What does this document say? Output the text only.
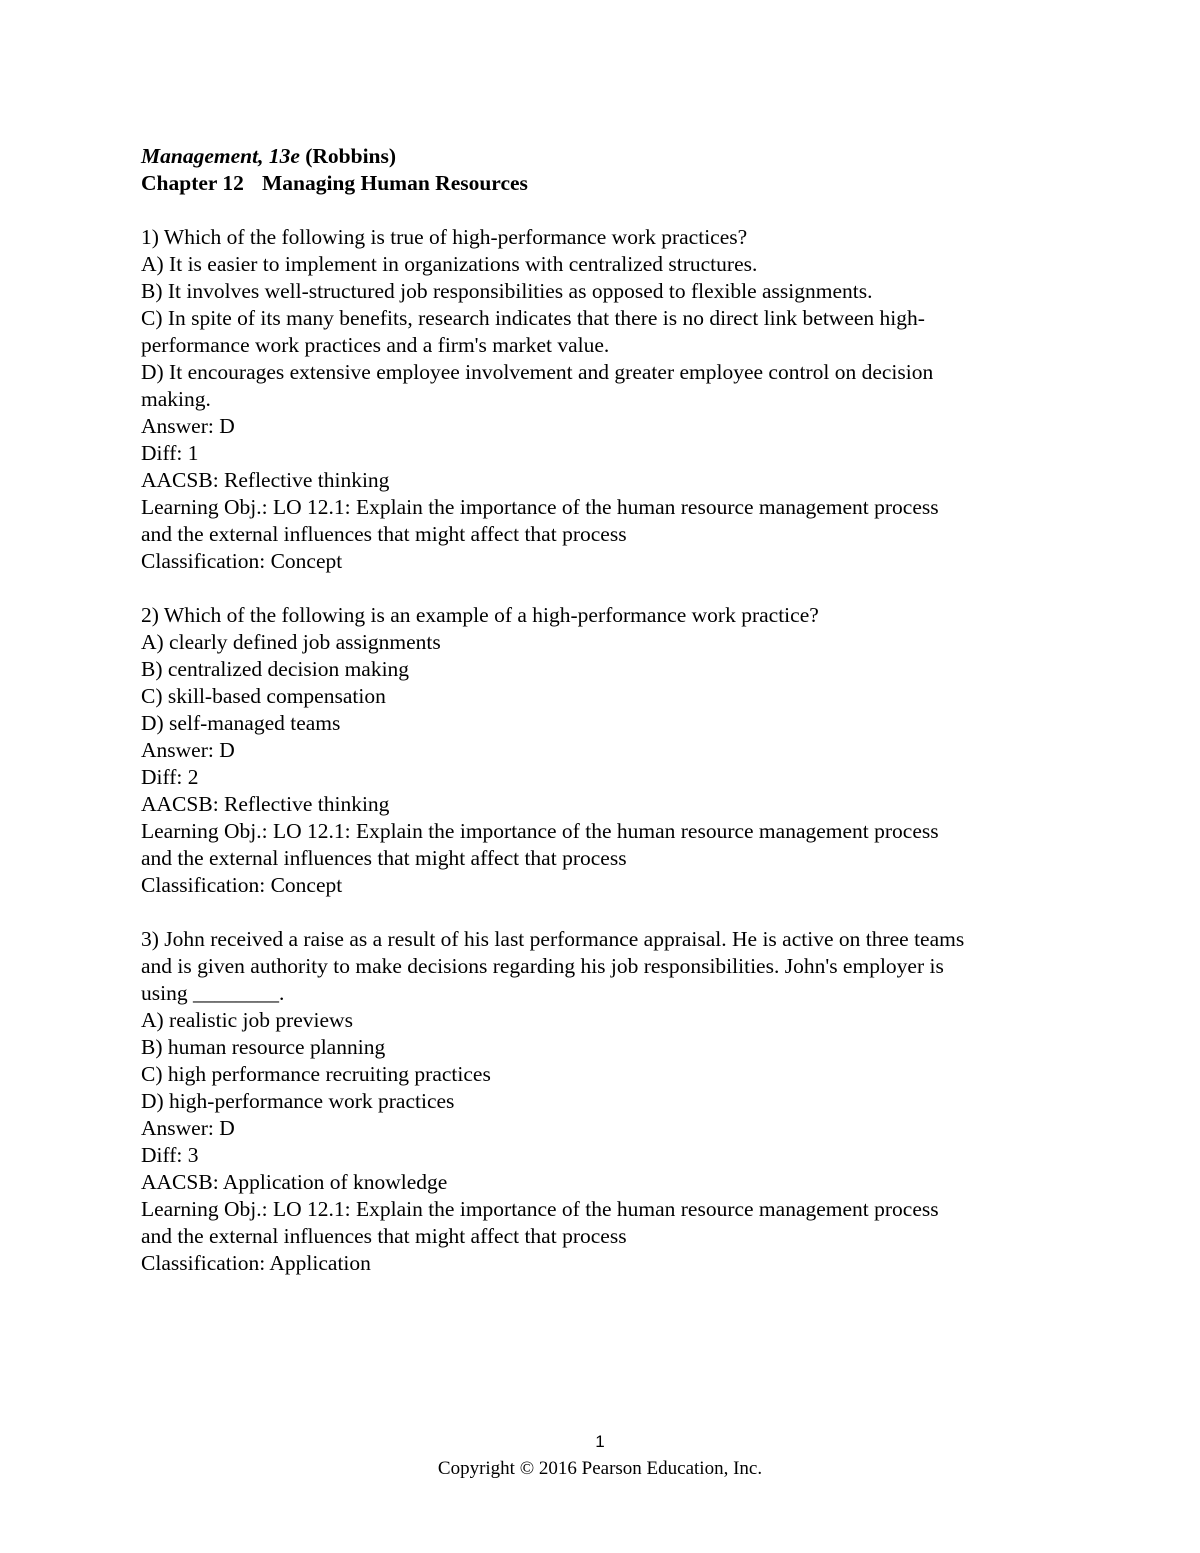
Management, 13e (Robbins)
Chapter 12 Managing Human Resources
1) Which of the following is true of high-performance work practices?
A) It is easier to implement in organizations with centralized structures.
B) It involves well-structured job responsibilities as opposed to flexible assignments.
C) In spite of its many benefits, research indicates that there is no direct link between high-
performance work practices and a firm's market value.
D) It encourages extensive employee involvement and greater employee control on decision
making.
Answer: D
Diff: 1
AACSB: Reflective thinking
Learning Obj.: LO 12.1: Explain the importance of the human resource management process
and the external influences that might affect that process
Classification: Concept
2) Which of the following is an example of a high-performance work practice?
A) clearly defined job assignments
B) centralized decision making
C) skill-based compensation
D) self-managed teams
Answer: D
Diff: 2
AACSB: Reflective thinking
Learning Obj.: LO 12.1: Explain the importance of the human resource management process
and the external influences that might affect that process
Classification: Concept
3) John received a raise as a result of his last performance appraisal. He is active on three teams
and is given authority to make decisions regarding his job responsibilities. John's employer is
using ________.
A) realistic job previews
B) human resource planning
C) high performance recruiting practices
D) high-performance work practices
Answer: D
Diff: 3
AACSB: Application of knowledge
Learning Obj.: LO 12.1: Explain the importance of the human resource management process
and the external influences that might affect that process
Classification: Application
1
Copyright © 2016 Pearson Education, Inc.
